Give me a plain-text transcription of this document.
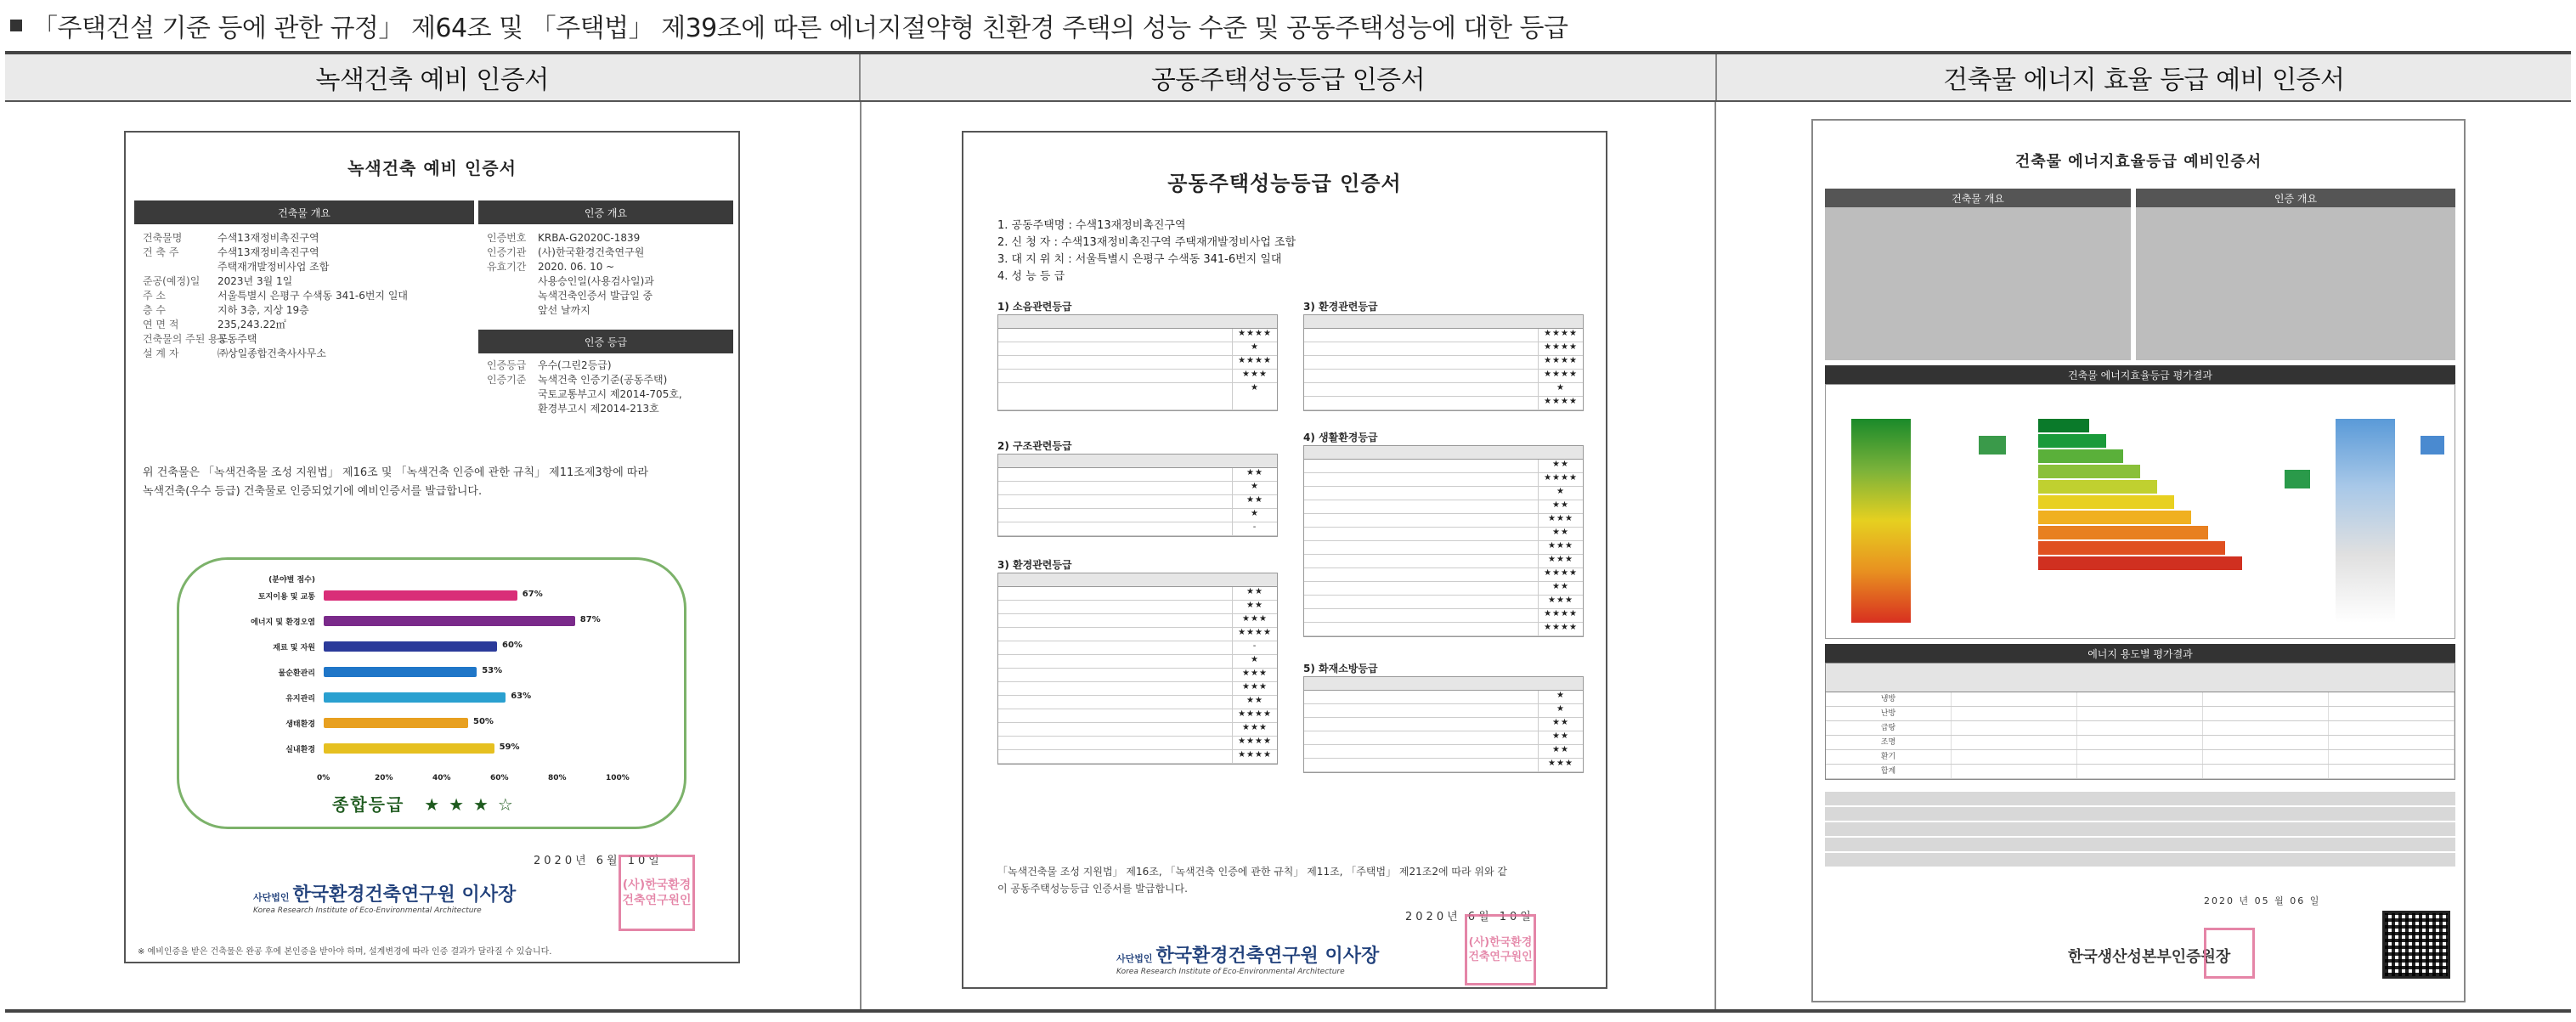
「주택건설 기준 등에 관한 규정」 제64조 및 「주택법」 제39조에 따른 에너지절약형 친환경 주택의 성능 수준 및 공동주택성능에 대한 등급
녹색건축 예비 인증서	공동주택성능등급 인증서	건축물 에너지 효율 등급 예비 인증서
녹색건축 예비 인증서
건축물 개요	인증 개요
인증 등급
건축물명	수색13재정비촉진구역
건 축 주	수색13재정비촉진구역
주택재개발정비사업 조합
준공(예정)일	2023년 3월 1일
주 소	서울특별시 은평구 수색동 341-6번지 일대
층 수	지하 3층, 지상 19층
연 면 적	235,243.22㎡
건축물의 주된 용도
공동주택
설 계 자	㈜상일종합건축사사무소
인증번호	KRBA-G2020C-1839
인증기관	(사)한국환경건축연구원
유효기간	2020. 06. 10 ~
사용승인일(사용검사일)과
녹색건축인증서 발급일 중
앞선 날까지
인증등급	우수(그린2등급)
인증기준	녹색건축 인증기준(공동주택)
국토교통부고시 제2014-705호,
환경부고시 제2014-213호
위 건축물은 「녹색건축물 조성 지원법」 제16조 및 「녹색건축 인증에 관한 규칙」 제11조제3항에 따라
녹색건축(우수 등급) 건축물로 인증되었기에 예비인증서를 발급합니다.
(분야별 점수)
토지이용 및 교통	67%
에너지 및 환경오염	87%
재료 및 자원	60%
물순환관리	53%
유지관리	63%
생태환경	50%
실내환경	59%
0%	20%	40%	60%	80%	100%
종합등급 ★ ★ ★ ☆
2020년 6월 10일
사단법인 한국환경건축연구원 이사장
Korea Research Institute of Eco-Environmental Architecture
(사)한국환경건축연구원인
※ 예비인증을 받은 건축물은 완공 후에 본인증을 받아야 하며, 설계변경에 따라 인증 결과가 달라질 수 있습니다.
공동주택성능등급 인증서
1. 공동주택명 : 수색13재정비촉진구역
2. 신 청 자 : 수색13재정비촉진구역 주택재개발정비사업 조합
3. 대 지 위 치 : 서울특별시 은평구 수색동 341-6번지 일대
4. 성 능 등 급
1) 소음관련등급
★★★★
★
★★★★
★★★
★
2) 구조관련등급
★★
★
★★
★
-
3) 환경관련등급
★★
★★
★★★
★★★★
-
★
★★★
★★★
★★
★★★★
★★★
★★★★
★★★★
3) 환경관련등급
★★★★
★★★★
★★★★
★★★★
★
★★★★
4) 생활환경등급
★★
★★★★
★
★★
★★★
★★
★★★
★★★
★★★★
★★
★★★
★★★★
★★★★
5) 화재소방등급
★
★
★★
★★
★★
★★★
「녹색건축물 조성 지원법」 제16조, 「녹색건축 인증에 관한 규칙」 제11조, 「주택법」 제21조2에 따라 위와 같
이 공동주택성능등급 인증서를 발급합니다.
2020년 6월 10일
사단법인 한국환경건축연구원 이사장
Korea Research Institute of Eco-Environmental Architecture
(사)한국환경건축연구원인
건축물 에너지효율등급 예비인증서
건축물 개요	인증 개요
건축물 에너지효율등급 평가결과
에너지 용도별 평가결과
냉방
난방
급탕
조명
환기
합계
2020 년 05 월 06 일
한국생산성본부인증원장
